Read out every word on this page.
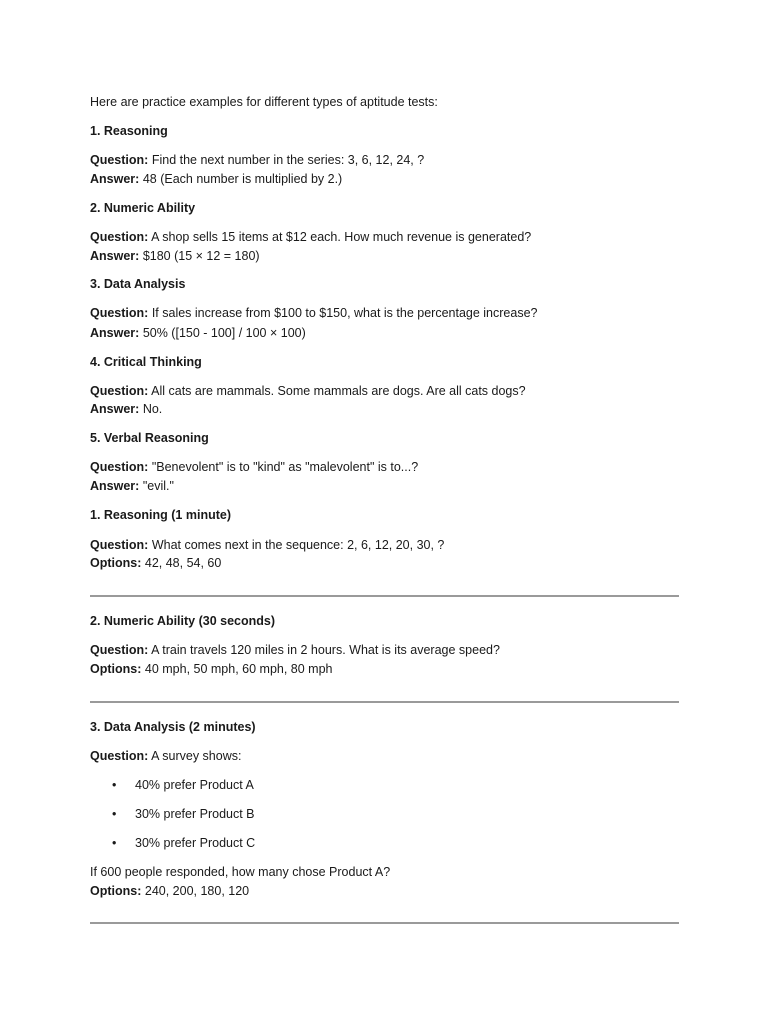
Here are practice examples for different types of aptitude tests:
1. Reasoning
Question: Find the next number in the series: 3, 6, 12, 24, ?
Answer: 48 (Each number is multiplied by 2.)
2. Numeric Ability
Question: A shop sells 15 items at $12 each. How much revenue is generated?
Answer: $180 (15 × 12 = 180)
3. Data Analysis
Question: If sales increase from $100 to $150, what is the percentage increase?
Answer: 50% ([150 - 100] / 100 × 100)
4. Critical Thinking
Question: All cats are mammals. Some mammals are dogs. Are all cats dogs?
Answer: No.
5. Verbal Reasoning
Question: "Benevolent" is to "kind" as "malevolent" is to...?
Answer: "evil."
1. Reasoning (1 minute)
Question: What comes next in the sequence: 2, 6, 12, 20, 30, ?
Options: 42, 48, 54, 60
2. Numeric Ability (30 seconds)
Question: A train travels 120 miles in 2 hours. What is its average speed?
Options: 40 mph, 50 mph, 60 mph, 80 mph
3. Data Analysis (2 minutes)
Question: A survey shows:
• 40% prefer Product A
• 30% prefer Product B
• 30% prefer Product C
If 600 people responded, how many chose Product A?
Options: 240, 200, 180, 120
